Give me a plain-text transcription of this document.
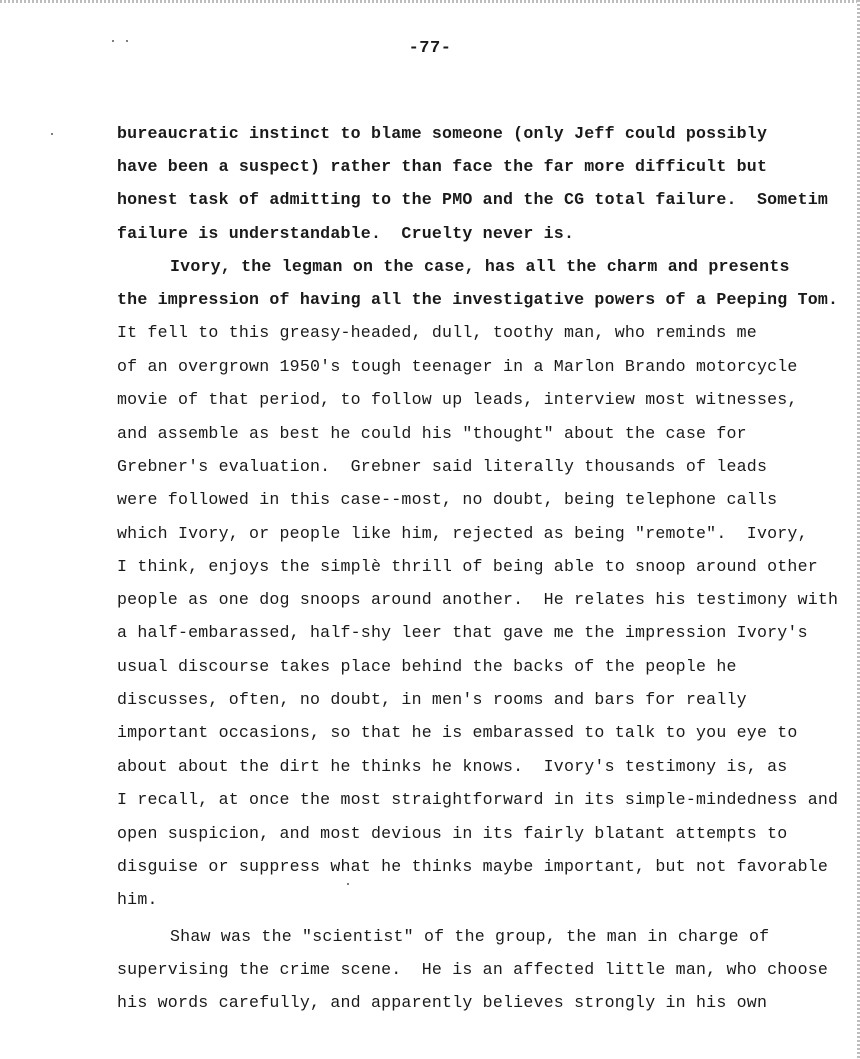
-77-
bureaucratic instinct to blame someone (only Jeff could possibly
have been a suspect) rather than face the far more difficult but
honest task of admitting to the PMO and the CG total failure.  Sometim
failure is understandable.  Cruelty never is.
Ivory, the legman on the case, has all the charm and presents
the impression of having all the investigative powers of a Peeping Tom.
It fell to this greasy-headed, dull, toothy man, who reminds me
of an overgrown 1950's tough teenager in a Marlon Brando motorcycle
movie of that period, to follow up leads, interview most witnesses,
and assemble as best he could his "thought" about the case for
Grebner's evaluation.  Grebner said literally thousands of leads
were followed in this case--most, no doubt, being telephone calls
which Ivory, or people like him, rejected as being "remote".  Ivory,
I think, enjoys the simplè thrill of being able to snoop around other
people as one dog snoops around another.  He relates his testimony with
a half-embarassed, half-shy leer that gave me the impression Ivory's
usual discourse takes place behind the backs of the people he
discusses, often, no doubt, in men's rooms and bars for really
important occasions, so that he is embarassed to talk to you eye to
about about the dirt he thinks he knows.  Ivory's testimony is, as
I recall, at once the most straightforward in its simple-mindedness and
open suspicion, and most devious in its fairly blatant attempts to
disguise or suppress what he thinks maybe important, but not favorable
him.
Shaw was the "scientist" of the group, the man in charge of
supervising the crime scene.  He is an affected little man, who choose
his words carefully, and apparently believes strongly in his own
